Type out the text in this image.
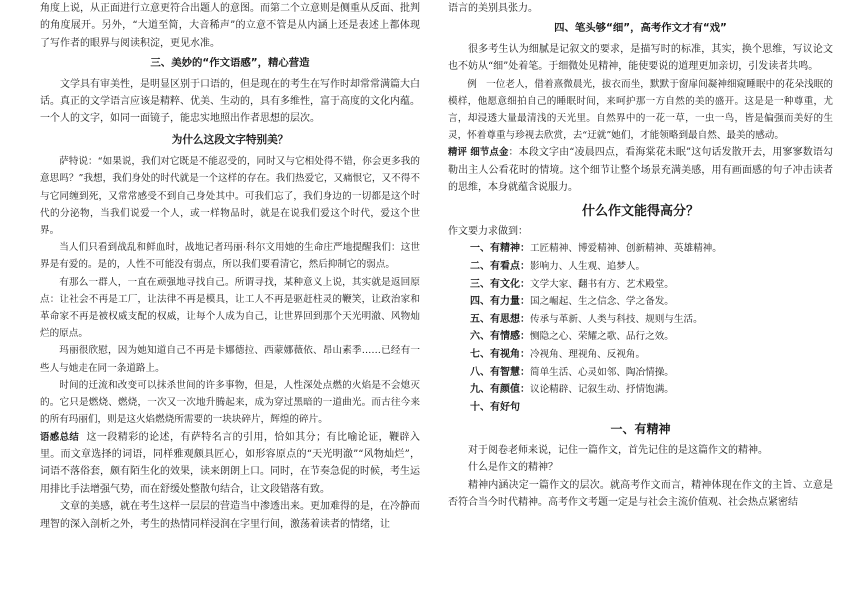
角度上说，从正面进行立意更符合出题人的意图。而第二个立意则是侧重从反面、批判的角度展开。另外，“大道至简，大音稀声”的立意不管是从内涵上还是表述上都体现了写作者的眼界与阅读积淀，更见水准。

三、美妙的“作文语感”，精心营造

文学具有审美性，是明显区别于口语的，但是现在的考生在写作时却常常满篇大白话。真正的文学语言应该是精粹、优美、生动的，具有多维性，富于高度的文化内蕴。一个人的文字，如同一面镜子，能忠实地照出作者思想的层次。

为什么这段文字特别美？

萨特说：“如果说，我们对它既是不能忍受的，同时又与它相处得不错，你会更多我的意思吗？”我想，我们身处的时代就是一个这样的存在。我们热爱它，又痛恨它，又不得不与它同缠到死，又常常感受不到自己身处其中。可我们忘了，我们身边的一切都是这个时代的分泌物，当我们说爱一个人，或一样物品时，就是在说我们爱这个时代，爱这个世界。

当人们只看到战乱和鲜血时，战地记者玛丽·科尔文用她的生命庄严地提醒我们：这世界是有爱的。是的，人性不可能没有弱点，所以我们要看清它，然后抑制它的弱点。

有那么一群人，一直在顽强地寻找自己。所谓寻找，某种意义上说，其实就是返回原点：让社会不再是工厂，让法律不再是模具，让工人不再是驱赶柱灵的鞭笑，让政治家和革命家不再是被权威支配的权威，让每个人成为自己，让世界回到那个天光明澈、风物灿烂的原点。

玛丽很欣慰，因为她知道自己不再是卡娜德拉、西蒙娜薇依、昂山素季……已经有一些人与她走在同一条道路上。

时间的迁流和改变可以抹杀世间的许多事物，但是，人性深处点燃的火焰是不会熄灭的。它只是燃烧、燃烧，一次又一次地升腾起来，成为穿过黑暗的一道曲光。而古往今来的所有玛丽们，则是这火焰燃烧所需要的一块块碎片，辉煌的碎片。

语感总结 这一段精彩的论述，有萨特名言的引用，恰如其分；有比喻论证，鞭辟入里。而文章选择的词语，同样雅观颇具匠心，如形容原点的“天光明澈”“风物灿烂”，词语不落俗套，颇有陌生化的效果，读来朗朗上口。同时，在节奏急促的时候，考生运用排比手法增强气势，而在舒缓处整散句结合，让文段错落有致。

文章的美感，就在考生这样一层层的营造当中渗透出来。更加难得的是，在冷静而理智的深入剖析之外，考生的热情同样浸润在字里行间，激荡着读者的情绪，让

语言的美别具张力。

四、笔头够“细”，高考作文才有“戏”

很多考生认为细腻是记叙文的要求，是描写时的标准，其实，换个思维，写议论文也不妨从“细”处着笔。于细微处见精神，能使要说的道理更加亲切，引发读者共鸣。

例 一位老人，借着熹微晨光，拔衣而坐，默默于窗扉间凝神细窥睡眠中的花朵浅眠的模样，他愿意细拍自己的睡眠时间，来呵护那一方自然的美的盛开。这是是一种尊重，尤言，却浸透大量最清浅的天光里。自然界中的一花一草，一虫一鸟，皆是偏强而美好的生灵，怀着尊重与珍视去欣赏，去“迂就”她们，才能领略到最自然、最美的感动。

精评 细节点金：本段文字由“凌晨四点，看海棠花未眠”这句话发散开去，用寥寥数语勾勒出主人公看花时的情境。这个细节让整个场景充满美感，用有画面感的句子冲击读者的思维，本身就蕴含说服力。

什么作文能得高分？

作文要力求做到：

一、有精神：工匠精神、博爱精神、创新精神、英雄精神。
二、有看点：影响力、人生观、追梦人。
三、有文化：文学大家、翻书有方、艺术殿堂。
四、有力量：国之崛起、生之信念、学之备发。
五、有思想：传承与革新、人类与科技、规则与生活。
六、有情感：恻隐之心、荣耀之歌、品行之效。
七、有视角：冷视角、理视角、反视角。
八、有智慧：简单生活、心灵如邻、陶冶情操。
九、有颜值：议论精辟、记叙生动、抒情饱满。
十、有好句
一、有精神

对于阅卷老师来说，记住一篇作文，首先记住的是这篇作文的精神。

什么是作文的精神？

精神内涵决定一篇作文的层次。就高考作文而言，精神体现在作文的主旨、立意是否符合当今时代精神。高考作文考题一定是与社会主流价值观、社会热点紧密结
